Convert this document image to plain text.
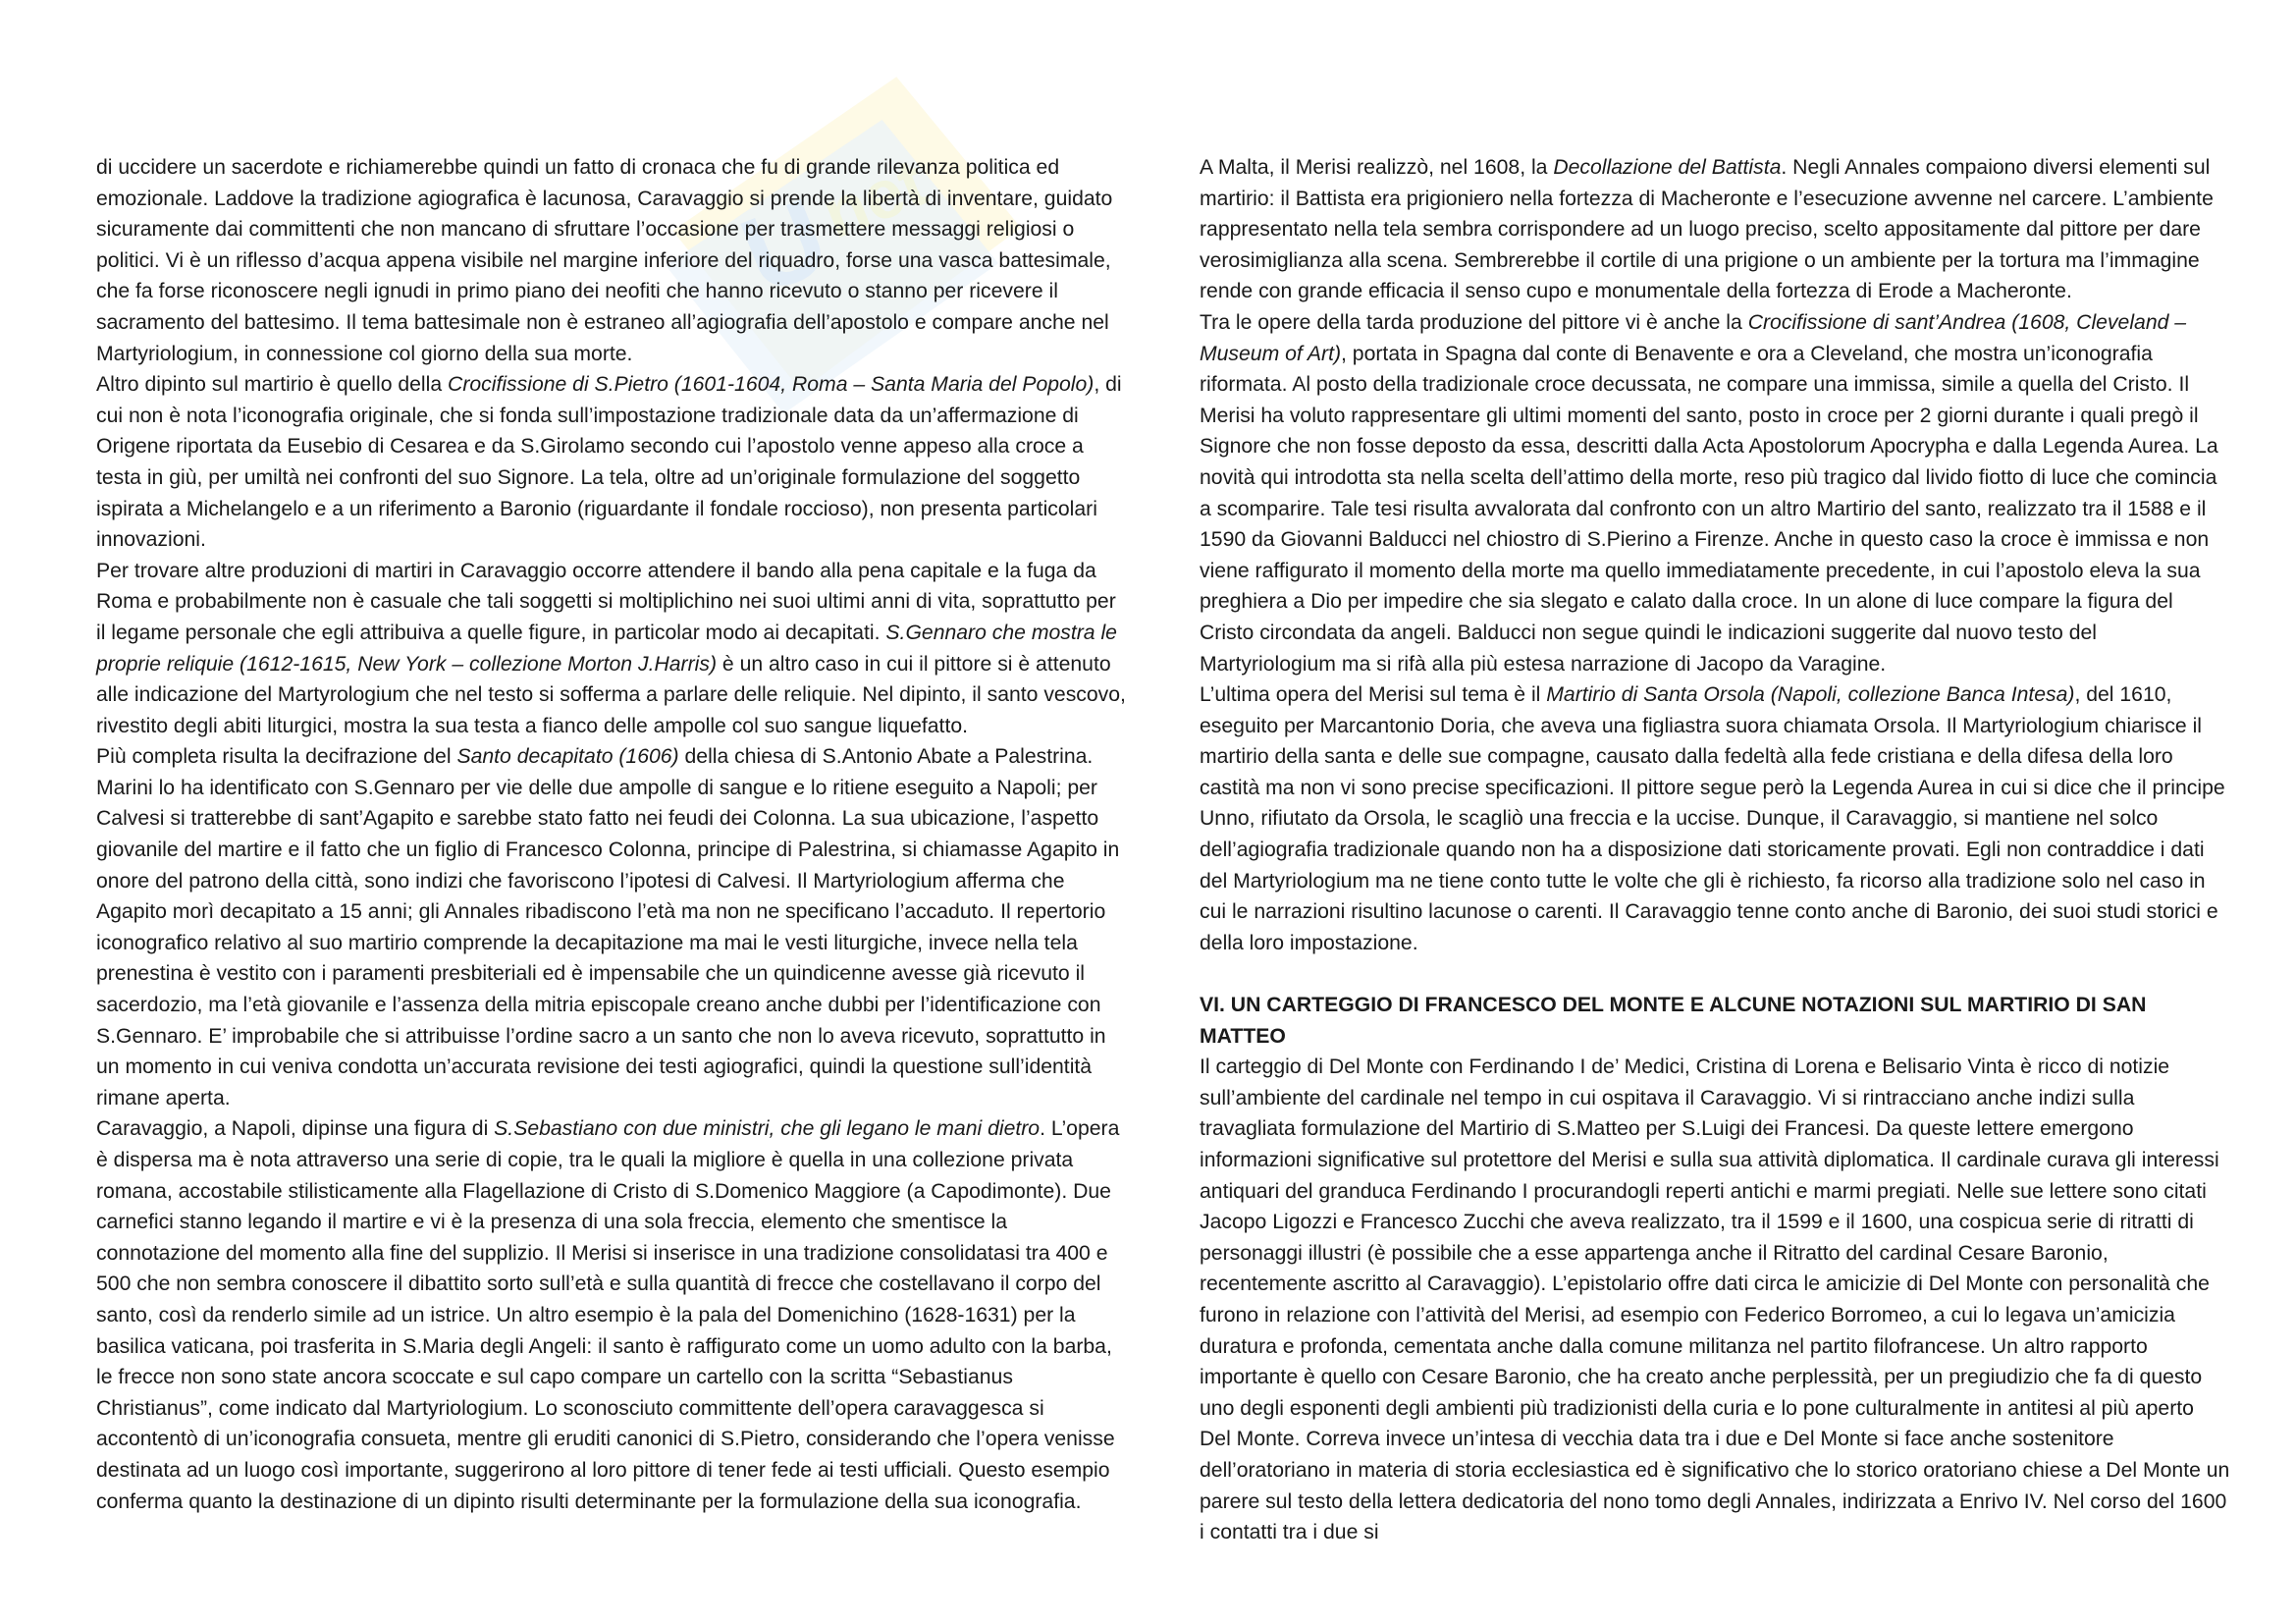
U
net

di uccidere un sacerdote e richiamerebbe quindi un fatto di cronaca che fu di grande rilevanza politica ed emozionale. Laddove la tradizione agiografica è lacunosa, Caravaggio si prende la libertà di inventare, guidato sicuramente dai committenti che non mancano di sfruttare l’occasione per trasmettere messaggi religiosi o politici. Vi è un riflesso d’acqua appena visibile nel margine inferiore del riquadro, forse una vasca battesimale, che fa forse riconoscere negli ignudi in primo piano dei neofiti che hanno ricevuto o stanno per ricevere il sacramento del battesimo. Il tema battesimale non è estraneo all’agiografia dell’apostolo e compare anche nel Martyriologium, in connessione col giorno della sua morte.

Altro dipinto sul martirio è quello della Crocifissione di S.Pietro (1601-1604, Roma – Santa Maria del Popolo), di cui non è nota l’iconografia originale, che si fonda sull’impostazione tradizionale data da un’affermazione di Origene riportata da Eusebio di Cesarea e da S.Girolamo secondo cui l’apostolo venne appeso alla croce a testa in giù, per umiltà nei confronti del suo Signore. La tela, oltre ad un’originale formulazione del soggetto ispirata a Michelangelo e a un riferimento a Baronio (riguardante il fondale roccioso), non presenta particolari innovazioni.

Per trovare altre produzioni di martiri in Caravaggio occorre attendere il bando alla pena capitale e la fuga da Roma e probabilmente non è casuale che tali soggetti si moltiplichino nei suoi ultimi anni di vita, soprattutto per il legame personale che egli attribuiva a quelle figure, in particolar modo ai decapitati. S.Gennaro che mostra le proprie reliquie (1612-1615, New York – collezione Morton J.Harris) è un altro caso in cui il pittore si è attenuto alle indicazione del Martyrologium che nel testo si sofferma a parlare delle reliquie. Nel dipinto, il santo vescovo, rivestito degli abiti liturgici, mostra la sua testa a fianco delle ampolle col suo sangue liquefatto.

Più completa risulta la decifrazione del Santo decapitato (1606) della chiesa di S.Antonio Abate a Palestrina. Marini lo ha identificato con S.Gennaro per vie delle due ampolle di sangue e lo ritiene eseguito a Napoli; per Calvesi si tratterebbe di sant’Agapito e sarebbe stato fatto nei feudi dei Colonna. La sua ubicazione, l’aspetto giovanile del martire e il fatto che un figlio di Francesco Colonna, principe di Palestrina, si chiamasse Agapito in onore del patrono della città, sono indizi che favoriscono l’ipotesi di Calvesi. Il Martyriologium afferma che Agapito morì decapitato a 15 anni; gli Annales ribadiscono l’età ma non ne specificano l’accaduto. Il repertorio iconografico relativo al suo martirio comprende la decapitazione ma mai le vesti liturgiche, invece nella tela prenestina è vestito con i paramenti presbiteriali ed è impensabile che un quindicenne avesse già ricevuto il sacerdozio, ma l’età giovanile e l’assenza della mitria episcopale creano anche dubbi per l’identificazione con S.Gennaro. E’ improbabile che si attribuisse l’ordine sacro a un santo che non lo aveva ricevuto, soprattutto in un momento in cui veniva condotta un’accurata revisione dei testi agiografici, quindi la questione sull’identità rimane aperta.

Caravaggio, a Napoli, dipinse una figura di S.Sebastiano con due ministri, che gli legano le mani dietro. L’opera è dispersa ma è nota attraverso una serie di copie, tra le quali la migliore è quella in una collezione privata romana, accostabile stilisticamente alla Flagellazione di Cristo di S.Domenico Maggiore (a Capodimonte). Due carnefici stanno legando il martire e vi è la presenza di una sola freccia, elemento che smentisce la connotazione del momento alla fine del supplizio. Il Merisi si inserisce in una tradizione consolidatasi tra 400 e 500 che non sembra conoscere il dibattito sorto sull’età e sulla quantità di frecce che costellavano il corpo del santo, così da renderlo simile ad un istrice. Un altro esempio è la pala del Domenichino (1628-1631) per la basilica vaticana, poi trasferita in S.Maria degli Angeli: il santo è raffigurato come un uomo adulto con la barba, le frecce non sono state ancora scoccate e sul capo compare un cartello con la scritta “Sebastianus Christianus”, come indicato dal Martyriologium. Lo sconosciuto committente dell’opera caravaggesca si accontentò di un’iconografia consueta, mentre gli eruditi canonici di S.Pietro, considerando che l’opera venisse destinata ad un luogo così importante, suggerirono al loro pittore di tener fede ai testi ufficiali. Questo esempio conferma quanto la destinazione di un dipinto risulti determinante per la formulazione della sua iconografia.

A Malta, il Merisi realizzò, nel 1608, la Decollazione del Battista. Negli Annales compaiono diversi elementi sul martirio: il Battista era prigioniero nella fortezza di Macheronte e l’esecuzione avvenne nel carcere. L’ambiente rappresentato nella tela sembra corrispondere ad un luogo preciso, scelto appositamente dal pittore per dare verosimiglianza alla scena. Sembrerebbe il cortile di una prigione o un ambiente per la tortura ma l’immagine rende con grande efficacia il senso cupo e monumentale della fortezza di Erode a Macheronte.

Tra le opere della tarda produzione del pittore vi è anche la Crocifissione di sant’Andrea (1608, Cleveland – Museum of Art), portata in Spagna dal conte di Benavente e ora a Cleveland, che mostra un’iconografia riformata. Al posto della tradizionale croce decussata, ne compare una immissa, simile a quella del Cristo. Il Merisi ha voluto rappresentare gli ultimi momenti del santo, posto in croce per 2 giorni durante i quali pregò il Signore che non fosse deposto da essa, descritti dalla Acta Apostolorum Apocrypha e dalla Legenda Aurea. La novità qui introdotta sta nella scelta dell’attimo della morte, reso più tragico dal livido fiotto di luce che comincia a scomparire. Tale tesi risulta avvalorata dal confronto con un altro Martirio del santo, realizzato tra il 1588 e il 1590 da Giovanni Balducci nel chiostro di S.Pierino a Firenze. Anche in questo caso la croce è immissa e non viene raffigurato il momento della morte ma quello immediatamente precedente, in cui l’apostolo eleva la sua preghiera a Dio per impedire che sia slegato e calato dalla croce. In un alone di luce compare la figura del Cristo circondata da angeli. Balducci non segue quindi le indicazioni suggerite dal nuovo testo del Martyriologium ma si rifà alla più estesa narrazione di Jacopo da Varagine.

L’ultima opera del Merisi sul tema è il Martirio di Santa Orsola (Napoli, collezione Banca Intesa), del 1610, eseguito per Marcantonio Doria, che aveva una figliastra suora chiamata Orsola. Il Martyriologium chiarisce il martirio della santa e delle sue compagne, causato dalla fedeltà alla fede cristiana e della difesa della loro castità ma non vi sono precise specificazioni. Il pittore segue però la Legenda Aurea in cui si dice che il principe Unno, rifiutato da Orsola, le scagliò una freccia e la uccise. Dunque, il Caravaggio, si mantiene nel solco dell’agiografia tradizionale quando non ha a disposizione dati storicamente provati. Egli non contraddice i dati del Martyriologium ma ne tiene conto tutte le volte che gli è richiesto, fa ricorso alla tradizione solo nel caso in cui le narrazioni risultino lacunose o carenti. Il Caravaggio tenne conto anche di Baronio, dei suoi studi storici e della loro impostazione.

VI. UN CARTEGGIO DI FRANCESCO DEL MONTE E ALCUNE NOTAZIONI SUL MARTIRIO DI SAN MATTEO

Il carteggio di Del Monte con Ferdinando I de’ Medici, Cristina di Lorena e Belisario Vinta è ricco di notizie sull’ambiente del cardinale nel tempo in cui ospitava il Caravaggio. Vi si rintracciano anche indizi sulla travagliata formulazione del Martirio di S.Matteo per S.Luigi dei Francesi. Da queste lettere emergono informazioni significative sul protettore del Merisi e sulla sua attività diplomatica. Il cardinale curava gli interessi antiquari del granduca Ferdinando I procurandogli reperti antichi e marmi pregiati. Nelle sue lettere sono citati Jacopo Ligozzi e Francesco Zucchi che aveva realizzato, tra il 1599 e il 1600, una cospicua serie di ritratti di personaggi illustri (è possibile che a esse appartenga anche il Ritratto del cardinal Cesare Baronio, recentemente ascritto al Caravaggio). L’epistolario offre dati circa le amicizie di Del Monte con personalità che furono in relazione con l’attività del Merisi, ad esempio con Federico Borromeo, a cui lo legava un’amicizia duratura e profonda, cementata anche dalla comune militanza nel partito filofrancese. Un altro rapporto importante è quello con Cesare Baronio, che ha creato anche perplessità, per un pregiudizio che fa di questo uno degli esponenti degli ambienti più tradizionisti della curia e lo pone culturalmente in antitesi al più aperto Del Monte. Correva invece un’intesa di vecchia data tra i due e Del Monte si face anche sostenitore dell’oratoriano in materia di storia ecclesiastica ed è significativo che lo storico oratoriano chiese a Del Monte un parere sul testo della lettera dedicatoria del nono tomo degli Annales, indirizzata a Enrivo IV. Nel corso del 1600 i contatti tra i due si
